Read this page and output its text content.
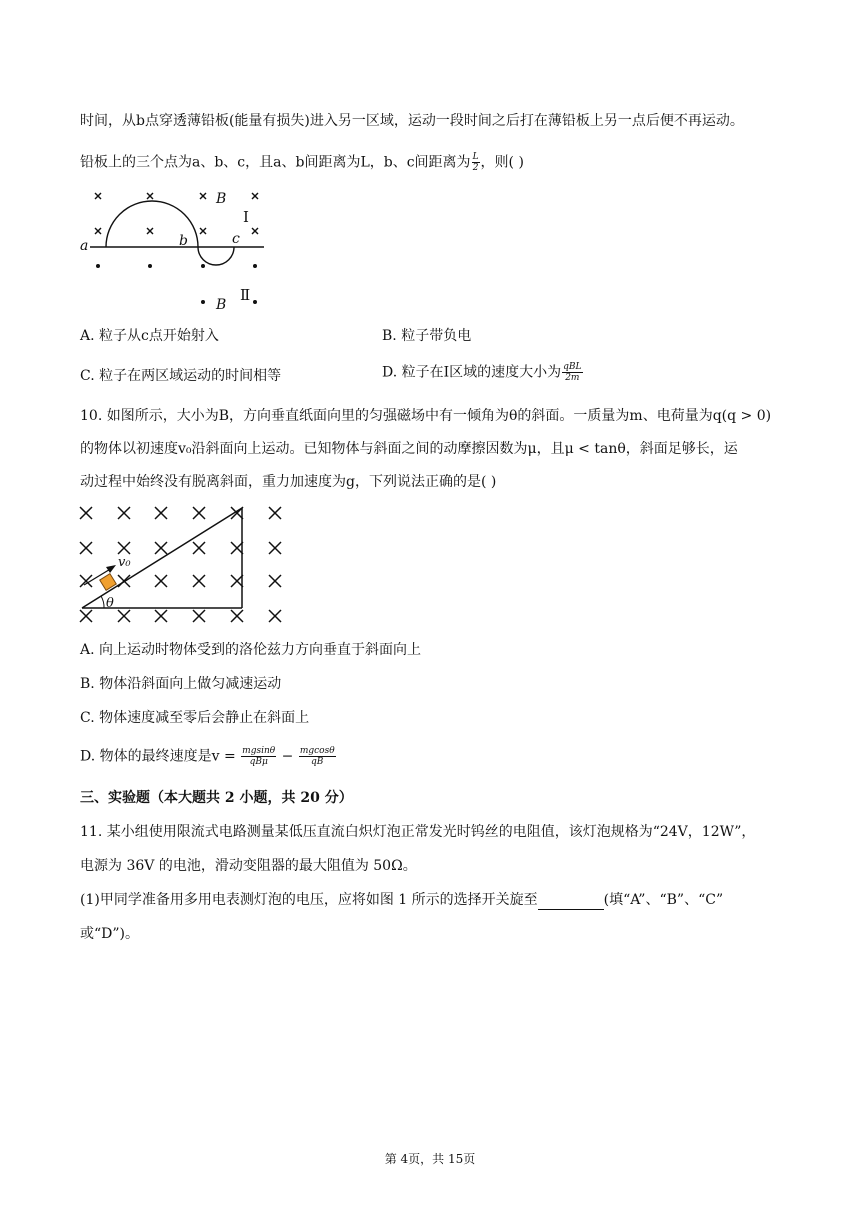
时间，从b点穿透薄铅板(能量有损失)进入另一区域，运动一段时间之后打在薄铅板上另一点后便不再运动。
铅板上的三个点为a、b、c，且a、b间距离为L，b、c间距离为 $\frac{L}{2}$ ，则( )
a	b	c
B
B
Ⅰ
Ⅱ
A. 粒子从c点开始射入	B. 粒子带负电
C. 粒子在两区域运动的时间相等	D. 粒子在I区域的速度大小为 $\frac{\text{qBL}}{2m}$
10. 如图所示，大小为B，方向垂直纸面向里的匀强磁场中有一倾角为θ的斜面。一质量为m、电荷量为q(q > 0)
的物体以初速度v₀沿斜面向上运动。已知物体与斜面之间的动摩擦因数为μ，且μ < tanθ，斜面足够长，运
动过程中始终没有脱离斜面，重力加速度为g，下列说法正确的是( )
v₀
θ
A. 向上运动时物体受到的洛伦兹力方向垂直于斜面向上
B. 物体沿斜面向上做匀减速运动
C. 物体速度减至零后会静止在斜面上
D. 物体的最终速度是$v = \frac{mgsin\theta}{\text{qBμ}} - \frac{mgcos\theta}{qB}$
三、实验题（本大题共 2 小题，共 20 分）
11. 某小组使用限流式电路测量某低压直流白炽灯泡正常发光时钨丝的电阻值，该灯泡规格为“24V，12W”，
电源为 36V 的电池，滑动变阻器的最大阻值为 50Ω。
(1)甲同学准备用多用电表测灯泡的电压，应将如图 1 所示的选择开关旋至	(填“A”、“B”、“C”
或“D”)。
第 4页，共 15页
